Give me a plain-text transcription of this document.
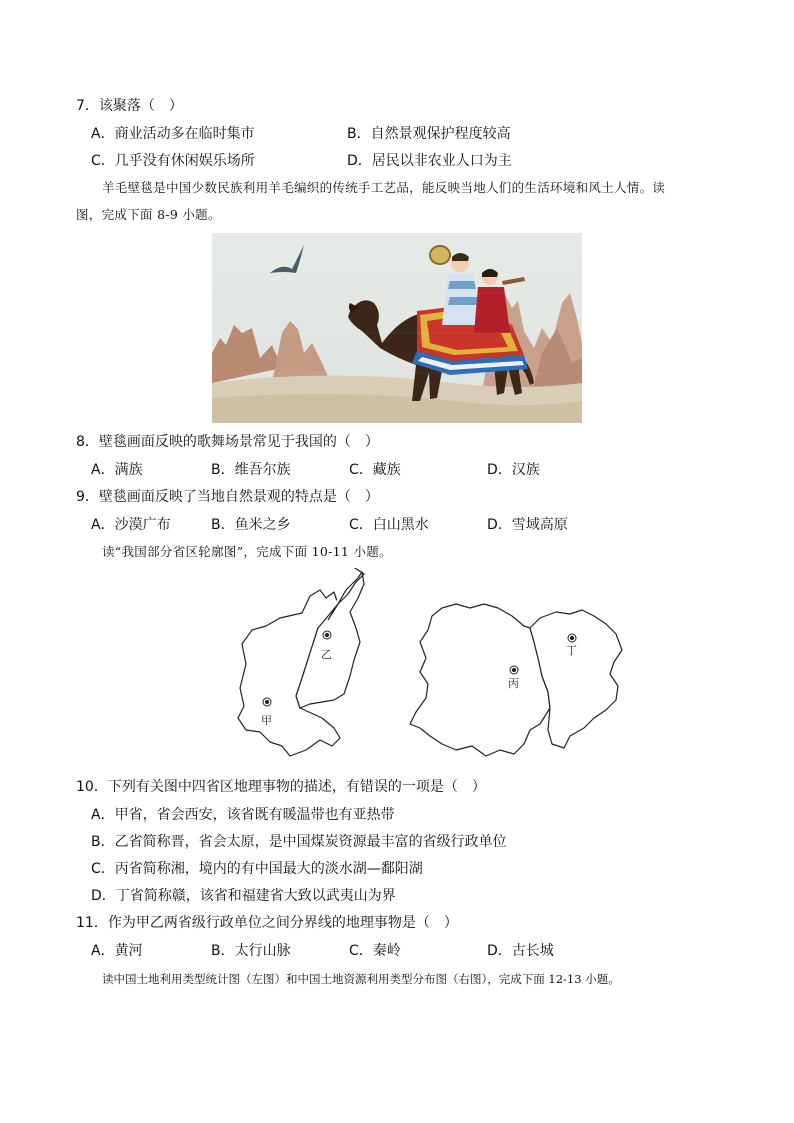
7．该聚落（　）
A．商业活动多在临时集市	B．自然景观保护程度较高
C．几乎没有休闲娱乐场所	D．居民以非农业人口为主
羊毛壁毯是中国少数民族利用羊毛编织的传统手工艺品，能反映当地人们的生活环境和风土人情。读
图，完成下面 8-9 小题。
8．壁毯画面反映的歌舞场景常见于我国的（　）
A．满族	B．维吾尔族	C．藏族	D．汉族
9．壁毯画面反映了当地自然景观的特点是（　）
A．沙漠广布	B．鱼米之乡	C．白山黑水	D．雪域高原
读“我国部分省区轮廓图”，完成下面 10-11 小题。
乙
甲
丙
丁
10．下列有关图中四省区地理事物的描述，有错误的一项是（　）
A．甲省，省会西安，该省既有暖温带也有亚热带
B．乙省简称晋，省会太原，是中国煤炭资源最丰富的省级行政单位
C．丙省简称湘，境内的有中国最大的淡水湖—鄱阳湖
D．丁省简称赣，该省和福建省大致以武夷山为界
11．作为甲乙两省级行政单位之间分界线的地理事物是（　）
A．黄河	B．太行山脉	C．秦岭	D．古长城
读中国土地利用类型统计图（左图）和中国土地资源利用类型分布图（右图），完成下面 12-13 小题。
